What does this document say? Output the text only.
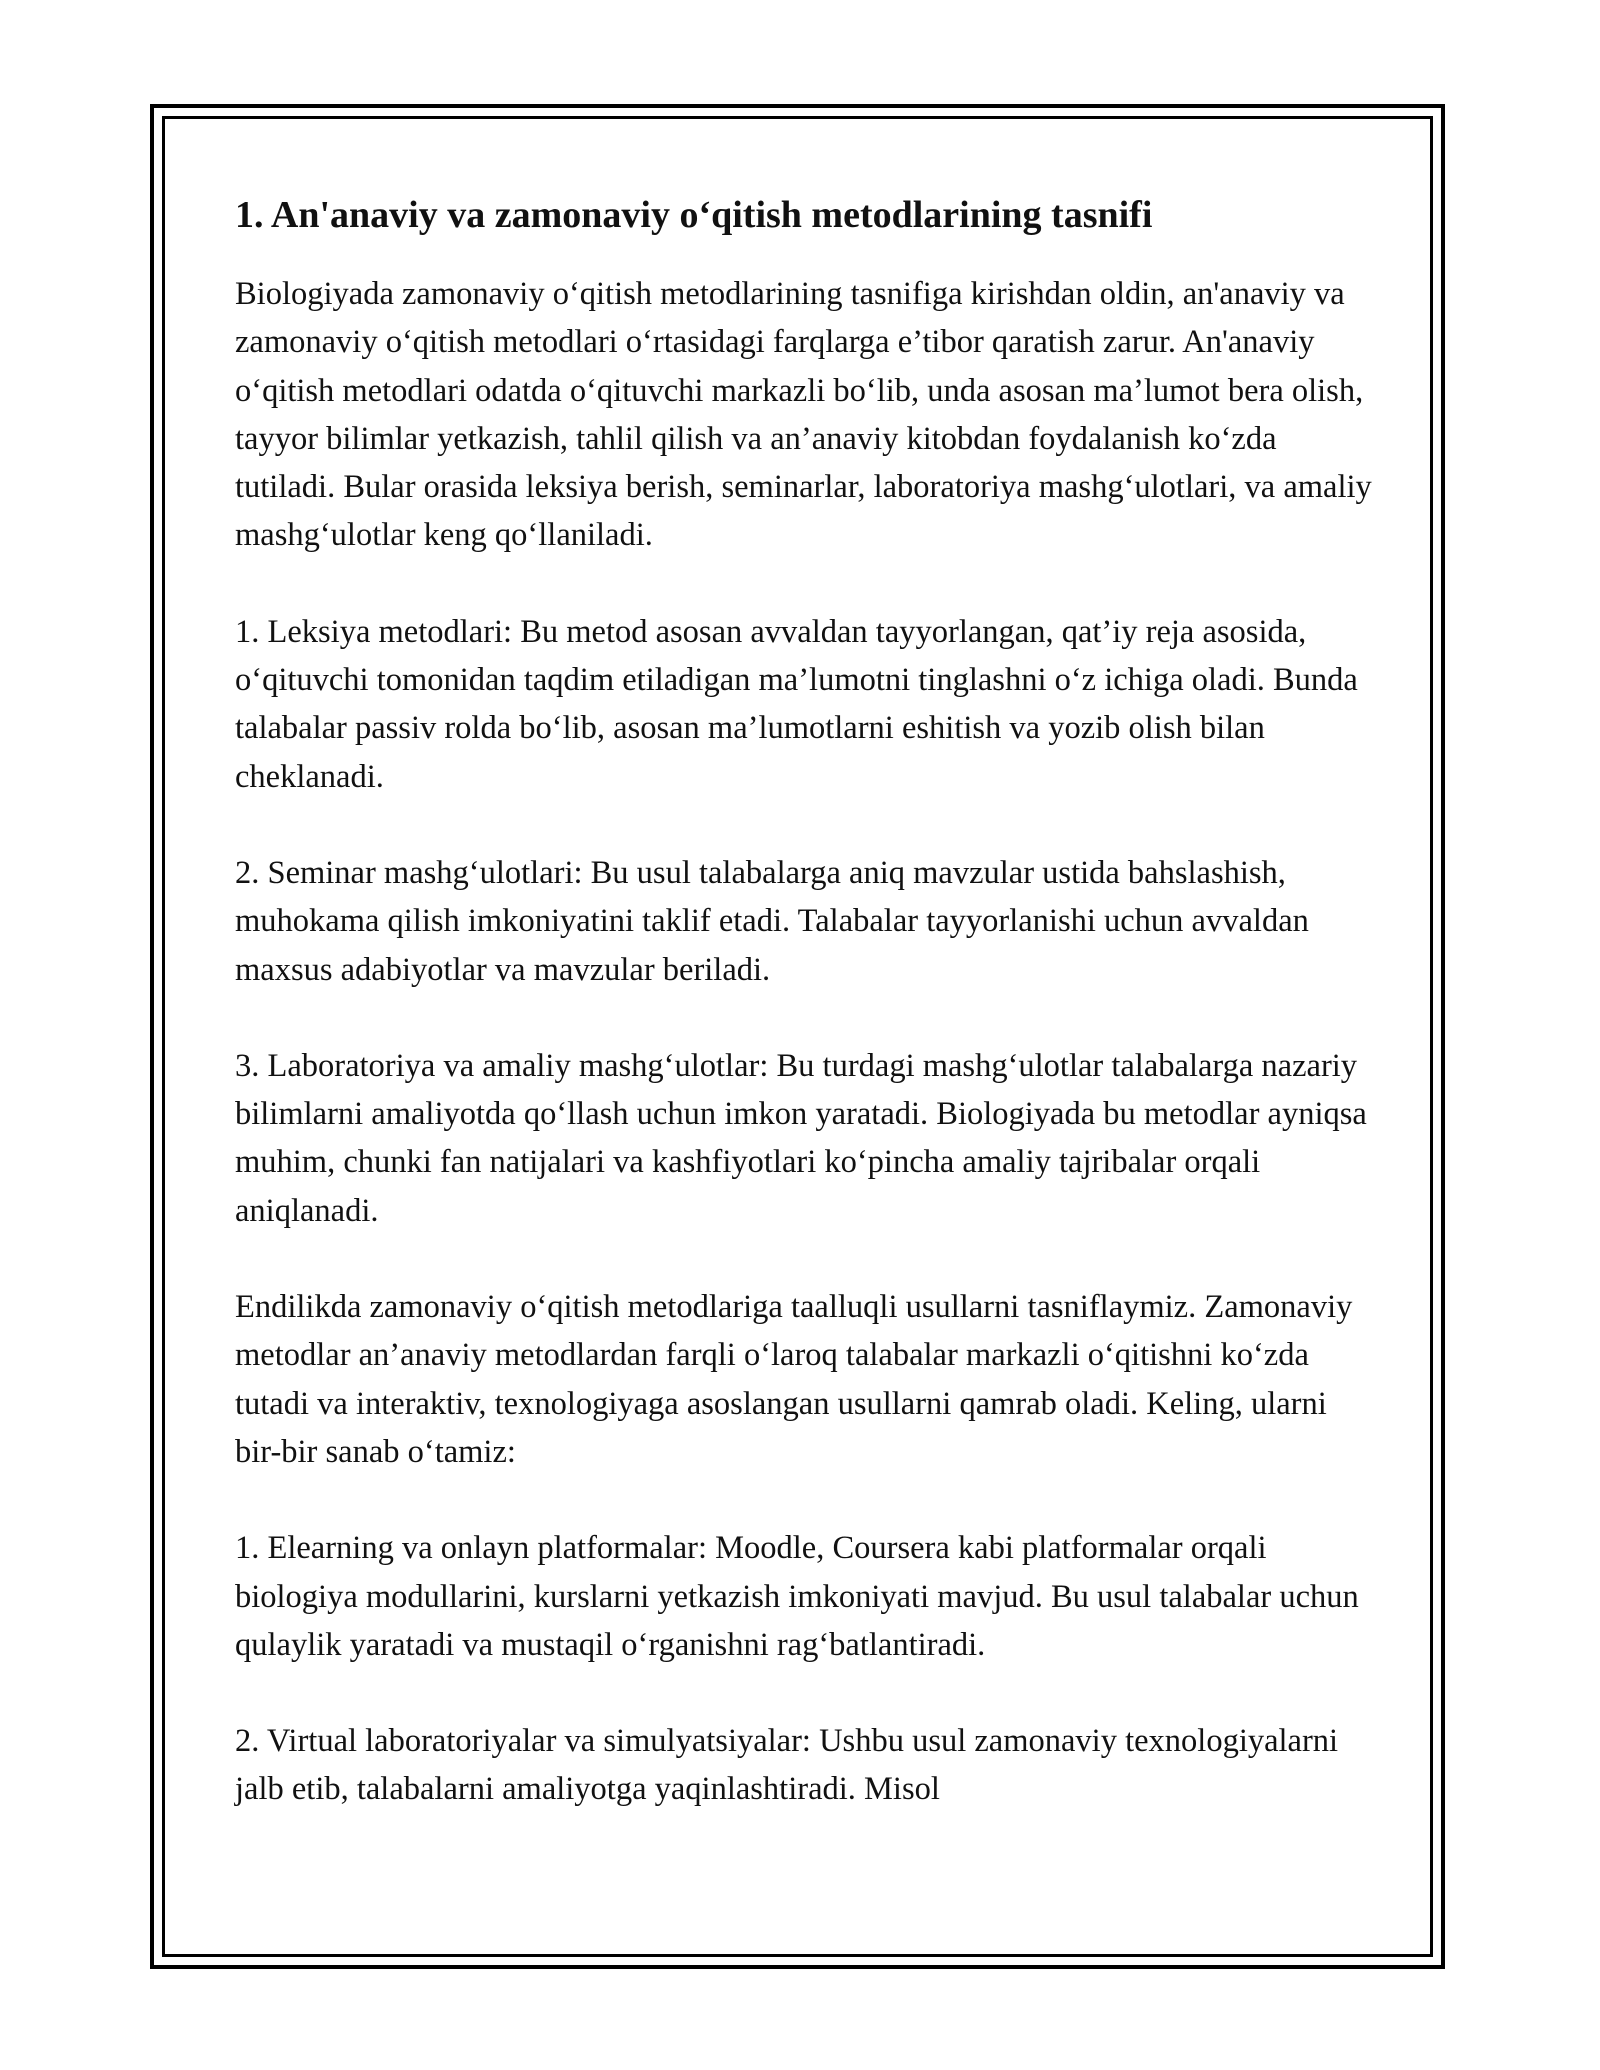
1. An'anaviy va zamonaviy o‘qitish metodlarining tasnifi

Biologiyada zamonaviy o‘qitish metodlarining tasnifiga kirishdan oldin, an'anaviy va zamonaviy o‘qitish metodlari o‘rtasidagi farqlarga e’tibor qaratish zarur. An'anaviy o‘qitish metodlari odatda o‘qituvchi markazli bo‘lib, unda asosan ma’lumot bera olish, tayyor bilimlar yetkazish, tahlil qilish va an’anaviy kitobdan foydalanish ko‘zda tutiladi. Bular orasida leksiya berish, seminarlar, laboratoriya mashg‘ulotlari, va amaliy mashg‘ulotlar keng qo‘llaniladi.

1. Leksiya metodlari: Bu metod asosan avvaldan tayyorlangan, qat’iy reja asosida, o‘qituvchi tomonidan taqdim etiladigan ma’lumotni tinglashni o‘z ichiga oladi. Bunda talabalar passiv rolda bo‘lib, asosan ma’lumotlarni eshitish va yozib olish bilan cheklanadi.

2. Seminar mashg‘ulotlari: Bu usul talabalarga aniq mavzular ustida bahslashish, muhokama qilish imkoniyatini taklif etadi. Talabalar tayyorlanishi uchun avvaldan maxsus adabiyotlar va mavzular beriladi.

3. Laboratoriya va amaliy mashg‘ulotlar: Bu turdagi mashg‘ulotlar talabalarga nazariy bilimlarni amaliyotda qo‘llash uchun imkon yaratadi. Biologiyada bu metodlar ayniqsa muhim, chunki fan natijalari va kashfiyotlari ko‘pincha amaliy tajribalar orqali aniqlanadi.

Endilikda zamonaviy o‘qitish metodlariga taalluqli usullarni tasniflaymiz. Zamonaviy metodlar an’anaviy metodlardan farqli o‘laroq talabalar markazli o‘qitishni ko‘zda tutadi va interaktiv, texnologiyaga asoslangan usullarni qamrab oladi. Keling, ularni bir-bir sanab o‘tamiz:

1. Elearning va onlayn platformalar: Moodle, Coursera kabi platformalar orqali biologiya modullarini, kurslarni yetkazish imkoniyati mavjud. Bu usul talabalar uchun qulaylik yaratadi va mustaqil o‘rganishni rag‘batlantiradi.

2. Virtual laboratoriyalar va simulyatsiyalar: Ushbu usul zamonaviy texnologiyalarni jalb etib, talabalarni amaliyotga yaqinlashtiradi. Misol
